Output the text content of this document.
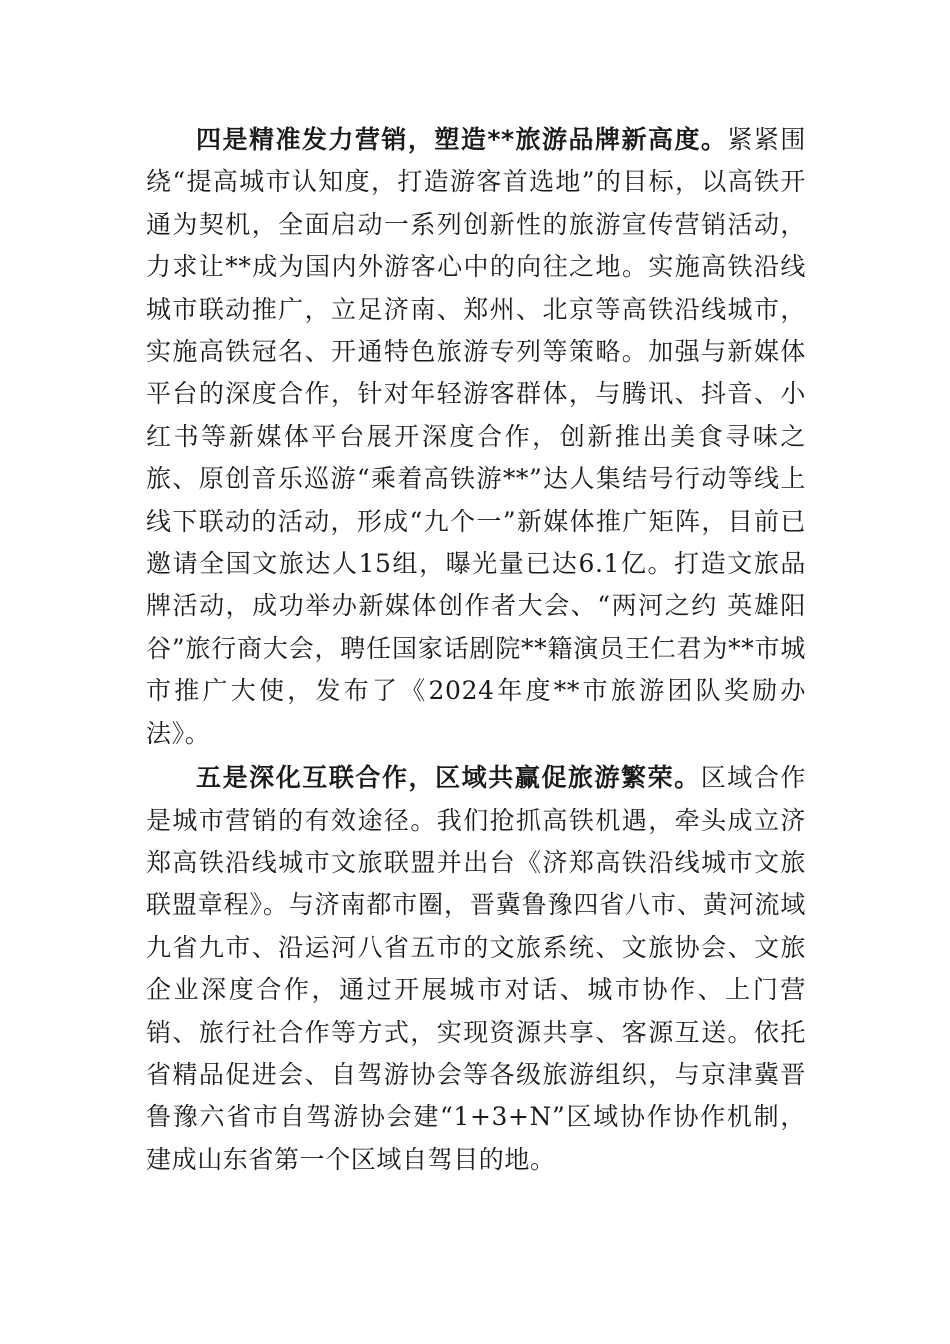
四是精准发力营销，塑造**旅游品牌新高度。紧紧围绕“提高城市认知度，打造游客首选地”的目标，以高铁开通为契机，全面启动一系列创新性的旅游宣传营销活动，力求让**成为国内外游客心中的向往之地。实施高铁沿线城市联动推广，立足济南、郑州、北京等高铁沿线城市，实施高铁冠名、开通特色旅游专列等策略。加强与新媒体平台的深度合作，针对年轻游客群体，与腾讯、抖音、小红书等新媒体平台展开深度合作，创新推出美食寻味之旅、原创音乐巡游“乘着高铁游**”达人集结号行动等线上线下联动的活动，形成“九个一”新媒体推广矩阵，目前已邀请全国文旅达人15组，曝光量已达6.1亿。打造文旅品牌活动，成功举办新媒体创作者大会、“两河之约 英雄阳谷”旅行商大会，聘任国家话剧院**籍演员王仁君为**市城市推广大使，发布了《2024年度**市旅游团队奖励办法》。

五是深化互联合作，区域共赢促旅游繁荣。区域合作是城市营销的有效途径。我们抢抓高铁机遇，牵头成立济郑高铁沿线城市文旅联盟并出台《济郑高铁沿线城市文旅联盟章程》。与济南都市圈，晋冀鲁豫四省八市、黄河流域九省九市、沿运河八省五市的文旅系统、文旅协会、文旅企业深度合作，通过开展城市对话、城市协作、上门营销、旅行社合作等方式，实现资源共享、客源互送。依托省精品促进会、自驾游协会等各级旅游组织，与京津冀晋鲁豫六省市自驾游协会建“1+3+N”区域协作协作机制，建成山东省第一个区域自驾目的地。
